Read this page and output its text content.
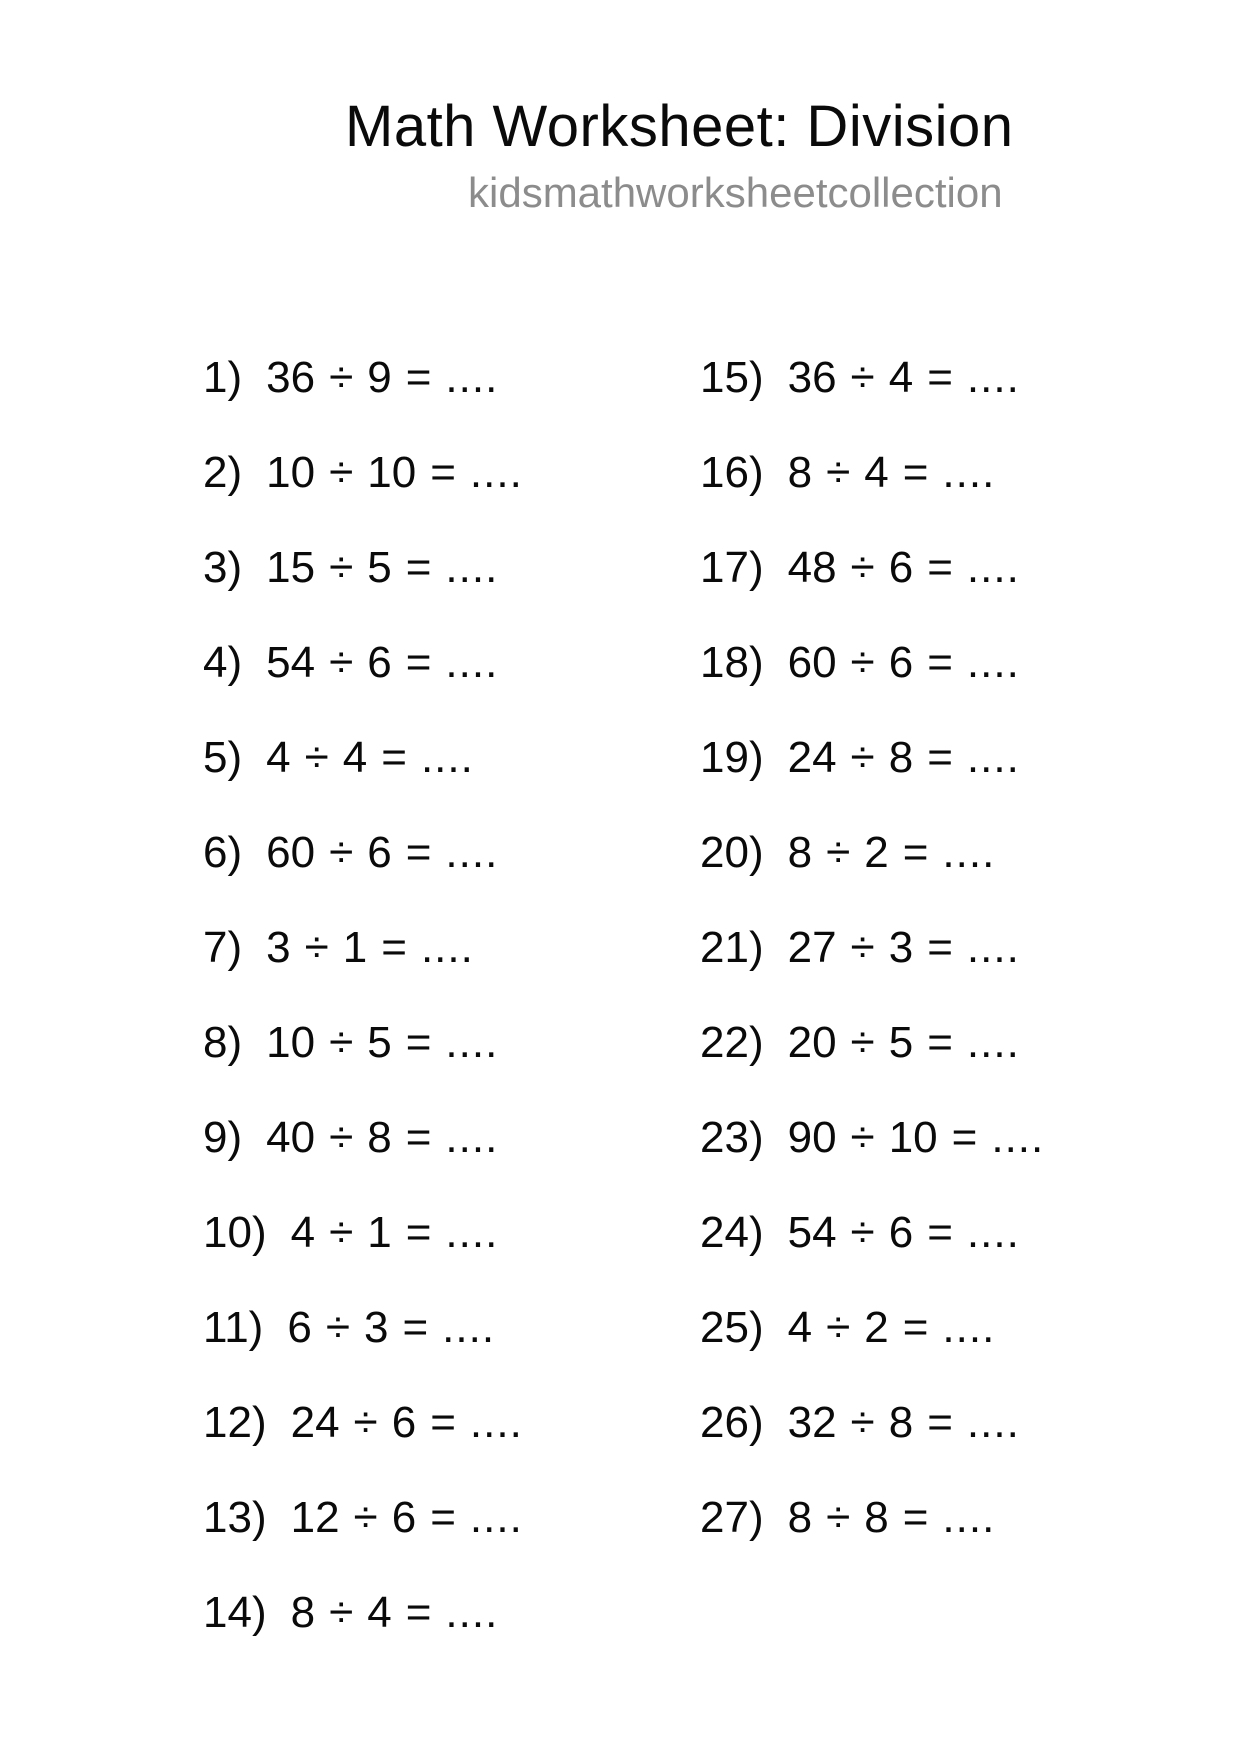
Math Worksheet: Division
kidsmathworksheetcollection
1) 36 ÷ 9 = ....
2) 10 ÷ 10 = ....
3) 15 ÷ 5 = ....
4) 54 ÷ 6 = ....
5) 4 ÷ 4 = ....
6) 60 ÷ 6 = ....
7) 3 ÷ 1 = ....
8) 10 ÷ 5 = ....
9) 40 ÷ 8 = ....
10) 4 ÷ 1 = ....
11) 6 ÷ 3 = ....
12) 24 ÷ 6 = ....
13) 12 ÷ 6 = ....
14) 8 ÷ 4 = ....
15) 36 ÷ 4 = ....
16) 8 ÷ 4 = ....
17) 48 ÷ 6 = ....
18) 60 ÷ 6 = ....
19) 24 ÷ 8 = ....
20) 8 ÷ 2 = ....
21) 27 ÷ 3 = ....
22) 20 ÷ 5 = ....
23) 90 ÷ 10 = ....
24) 54 ÷ 6 = ....
25) 4 ÷ 2 = ....
26) 32 ÷ 8 = ....
27) 8 ÷ 8 = ....
